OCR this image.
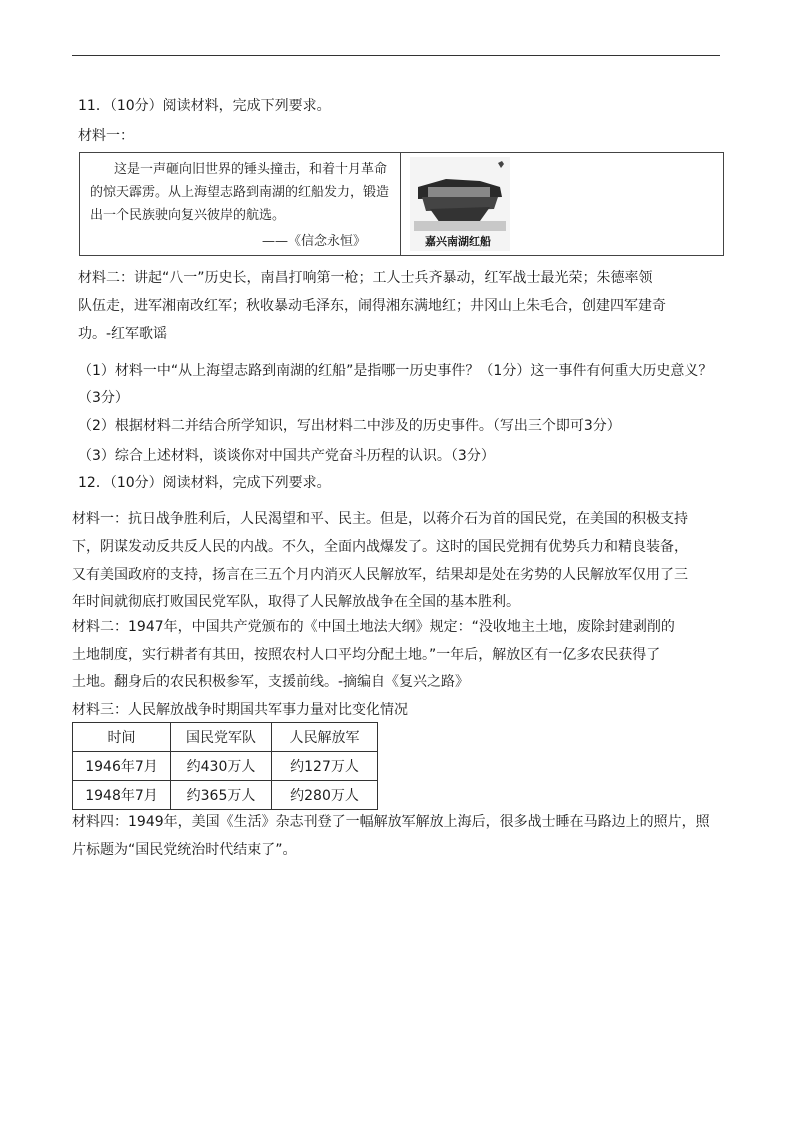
11．（10分）阅读材料，完成下列要求。
材料一：
这是一声砸向旧世界的锤头撞击，和着十月革命
的惊天霹雳。从上海望志路到南湖的红船发力，锻造
出一个民族驶向复兴彼岸的航选。
——《信念永恒》	嘉兴南湖红船
材料二：讲起“八一”历史长，南昌打响第一枪；工人士兵齐暴动，红军战士最光荣；朱德率领
队伍走，进军湘南改红军；秋收暴动毛泽东，闹得湘东满地红；井冈山上朱毛合，创建四军建奇
功。-红军歌谣
（1）材料一中“从上海望志路到南湖的红船”是指哪一历史事件？（1分）这一事件有何重大历史意义？
（3分）
（2）根据材料二并结合所学知识，写出材料二中涉及的历史事件。（写出三个即可3分）
（3）综合上述材料，谈谈你对中国共产党奋斗历程的认识。（3分）
12．（10分）阅读材料，完成下列要求。
材料一：抗日战争胜利后，人民渴望和平、民主。但是，以蒋介石为首的国民党，在美国的积极支持
下，阴谋发动反共反人民的内战。不久，全面内战爆发了。这时的国民党拥有优势兵力和精良装备，
又有美国政府的支持，扬言在三五个月内消灭人民解放军，结果却是处在劣势的人民解放军仅用了三
年时间就彻底打败国民党军队，取得了人民解放战争在全国的基本胜利。
材料二：1947年，中国共产党颁布的《中国土地法大纲》规定：“没收地主土地，废除封建剥削的
土地制度，实行耕者有其田，按照农村人口平均分配土地。”一年后，解放区有一亿多农民获得了
土地。翻身后的农民积极参军，支援前线。-摘编自《复兴之路》
材料三：人民解放战争时期国共军事力量对比变化情况
时间	国民党军队	人民解放军
1946年7月	约430万人	约127万人
1948年7月	约365万人	约280万人
材料四：1949年，美国《生活》杂志刊登了一幅解放军解放上海后，很多战士睡在马路边上的照片，照
片标题为“国民党统治时代结束了”。
